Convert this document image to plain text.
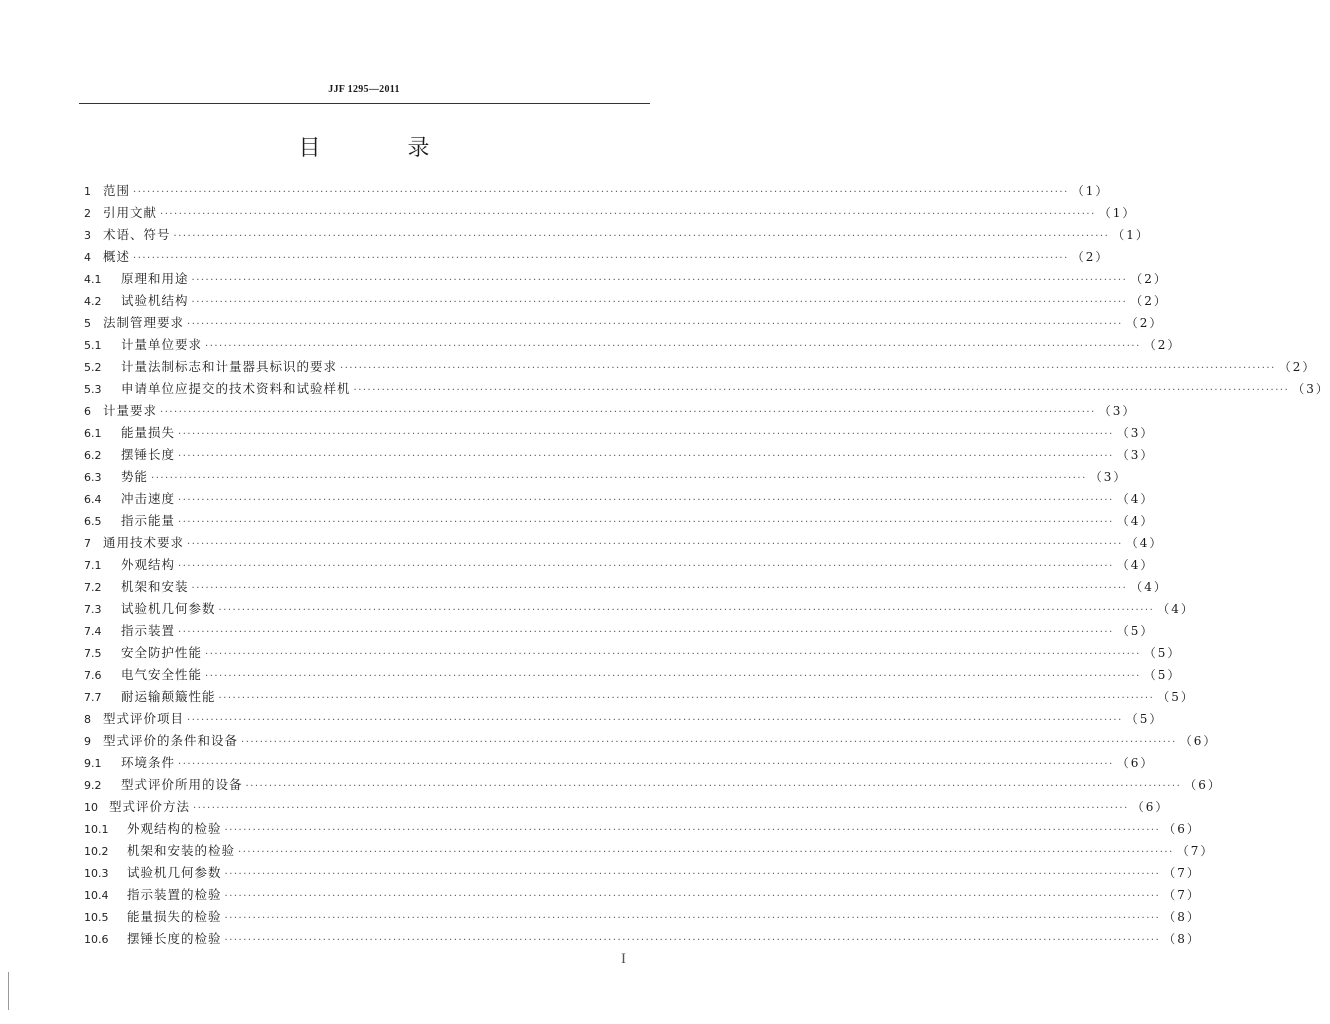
JJF 1295—2011
目 录
1 范围 ········································································································································································································ （1）
2 引用文献 ········································································································································································································ （1）
3 术语、符号 ········································································································································································································ （1）
4 概述 ········································································································································································································ （2）
4.1	原理和用途 ········································································································································································································ （2）
4.2	试验机结构 ········································································································································································································ （2）
5 法制管理要求 ········································································································································································································ （2）
5.1	计量单位要求 ········································································································································································································ （2）
5.2	计量法制标志和计量器具标识的要求 ········································································································································································································ （2）
5.3	申请单位应提交的技术资料和试验样机 ········································································································································································································ （3）
6 计量要求 ········································································································································································································ （3）
6.1	能量损失 ········································································································································································································ （3）
6.2	摆锤长度 ········································································································································································································ （3）
6.3	势能 ········································································································································································································ （3）
6.4	冲击速度 ········································································································································································································ （4）
6.5	指示能量 ········································································································································································································ （4）
7 通用技术要求 ········································································································································································································ （4）
7.1	外观结构 ········································································································································································································ （4）
7.2	机架和安装 ········································································································································································································ （4）
7.3	试验机几何参数 ········································································································································································································ （4）
7.4	指示装置 ········································································································································································································ （5）
7.5	安全防护性能 ········································································································································································································ （5）
7.6	电气安全性能 ········································································································································································································ （5）
7.7	耐运输颠簸性能 ········································································································································································································ （5）
8 型式评价项目 ········································································································································································································ （5）
9 型式评价的条件和设备 ········································································································································································································ （6）
9.1	环境条件 ········································································································································································································ （6）
9.2	型式评价所用的设备 ········································································································································································································ （6）
10 型式评价方法 ········································································································································································································ （6）
10.1	外观结构的检验 ········································································································································································································ （6）
10.2	机架和安装的检验 ········································································································································································································ （7）
10.3	试验机几何参数 ········································································································································································································ （7）
10.4	指示装置的检验 ········································································································································································································ （7）
10.5	能量损失的检验 ········································································································································································································ （8）
10.6	摆锤长度的检验 ········································································································································································································ （8）
I
